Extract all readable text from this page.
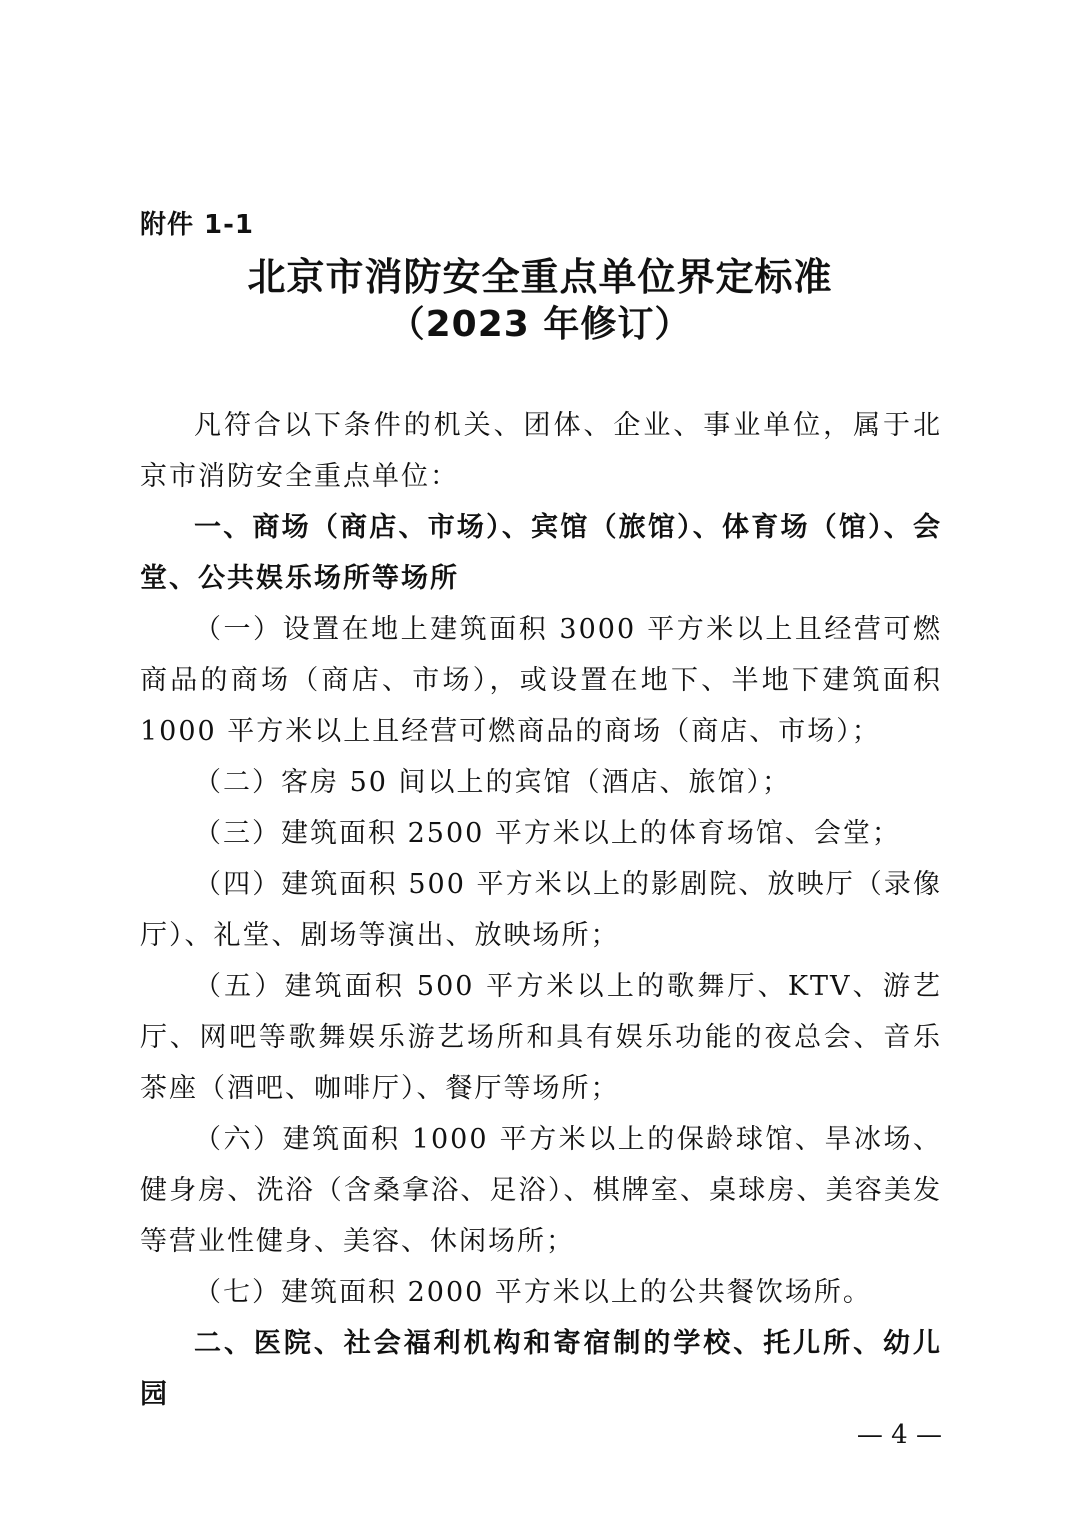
附件 1-1
北京市消防安全重点单位界定标准
（2023 年修订）

凡符合以下条件的机关、团体、企业、事业单位，属于北京市消防安全重点单位：

一、商场（商店、市场）、宾馆（旅馆）、体育场（馆）、会堂、公共娱乐场所等场所

（一）设置在地上建筑面积 3000 平方米以上且经营可燃商品的商场（商店、市场），或设置在地下、半地下建筑面积 1000 平方米以上且经营可燃商品的商场（商店、市场）；

（二）客房 50 间以上的宾馆（酒店、旅馆）；

（三）建筑面积 2500 平方米以上的体育场馆、会堂；

（四）建筑面积 500 平方米以上的影剧院、放映厅（录像厅）、礼堂、剧场等演出、放映场所；

（五）建筑面积 500 平方米以上的歌舞厅、KTV、游艺厅、网吧等歌舞娱乐游艺场所和具有娱乐功能的夜总会、音乐茶座（酒吧、咖啡厅）、餐厅等场所；

（六）建筑面积 1000 平方米以上的保龄球馆、旱冰场、健身房、洗浴（含桑拿浴、足浴）、棋牌室、桌球房、美容美发等营业性健身、美容、休闲场所；

（七）建筑面积 2000 平方米以上的公共餐饮场所。

二、医院、社会福利机构和寄宿制的学校、托儿所、幼儿园

— 4 —
